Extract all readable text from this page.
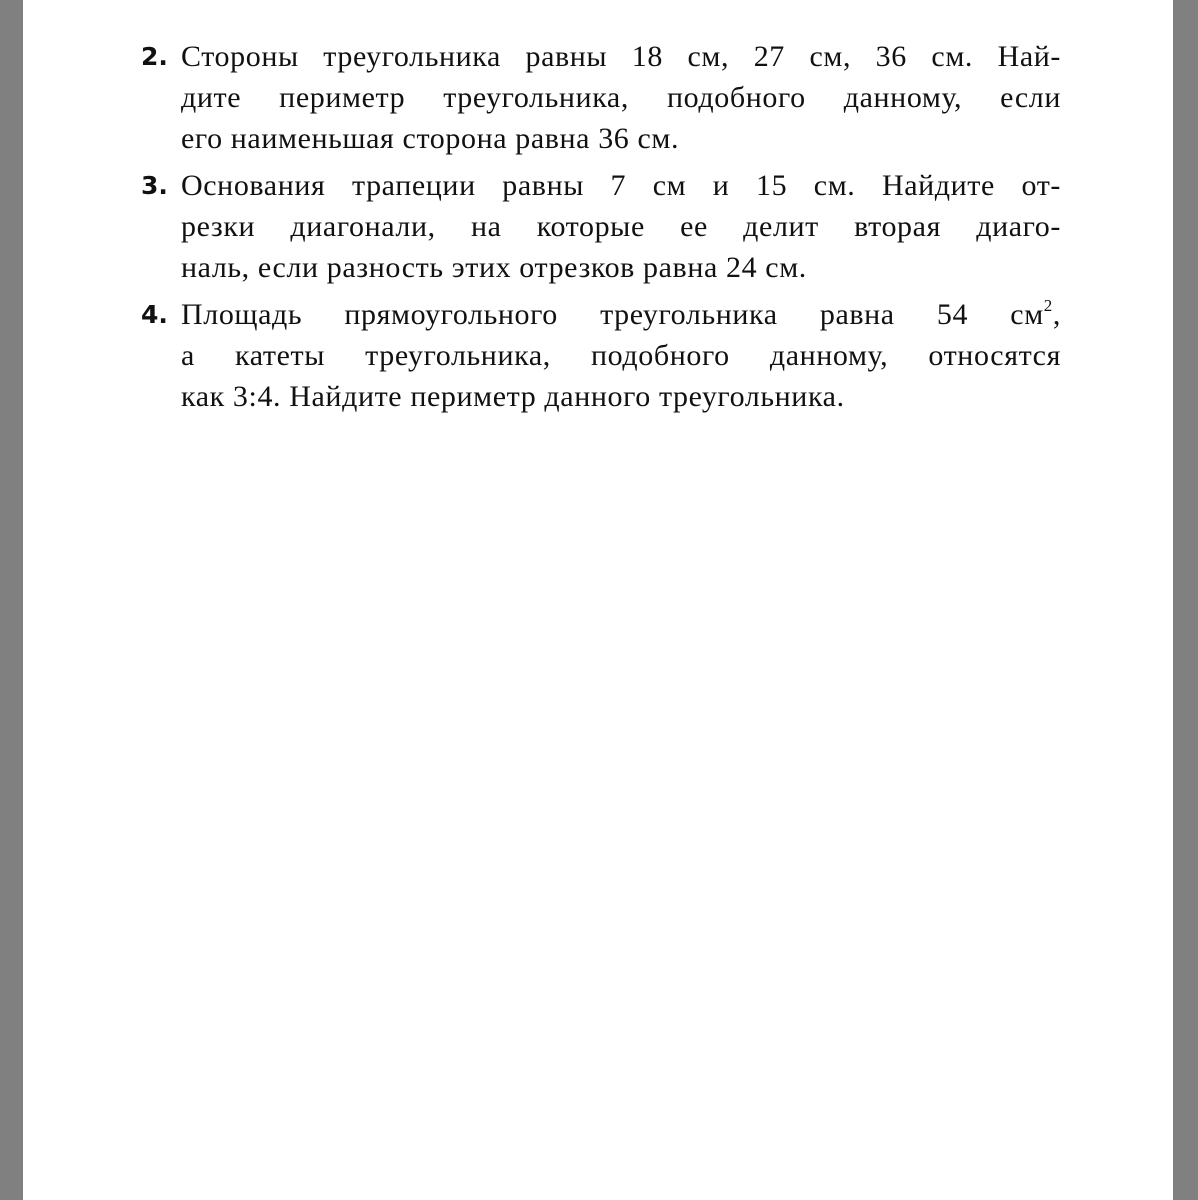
2. Стороны треугольника равны 18 см, 27 см, 36 см. Най-
дите периметр треугольника, подобного данному, если
его наименьшая сторона равна 36 см.
3. Основания трапеции равны 7 см и 15 см. Найдите от-
резки диагонали, на которые ее делит вторая диаго-
наль, если разность этих отрезков равна 24 см.
4. Площадь прямоугольного треугольника равна 54 $см^2$,
а катеты треугольника, подобного данному, относятся
как 3:4. Найдите периметр данного треугольника.
